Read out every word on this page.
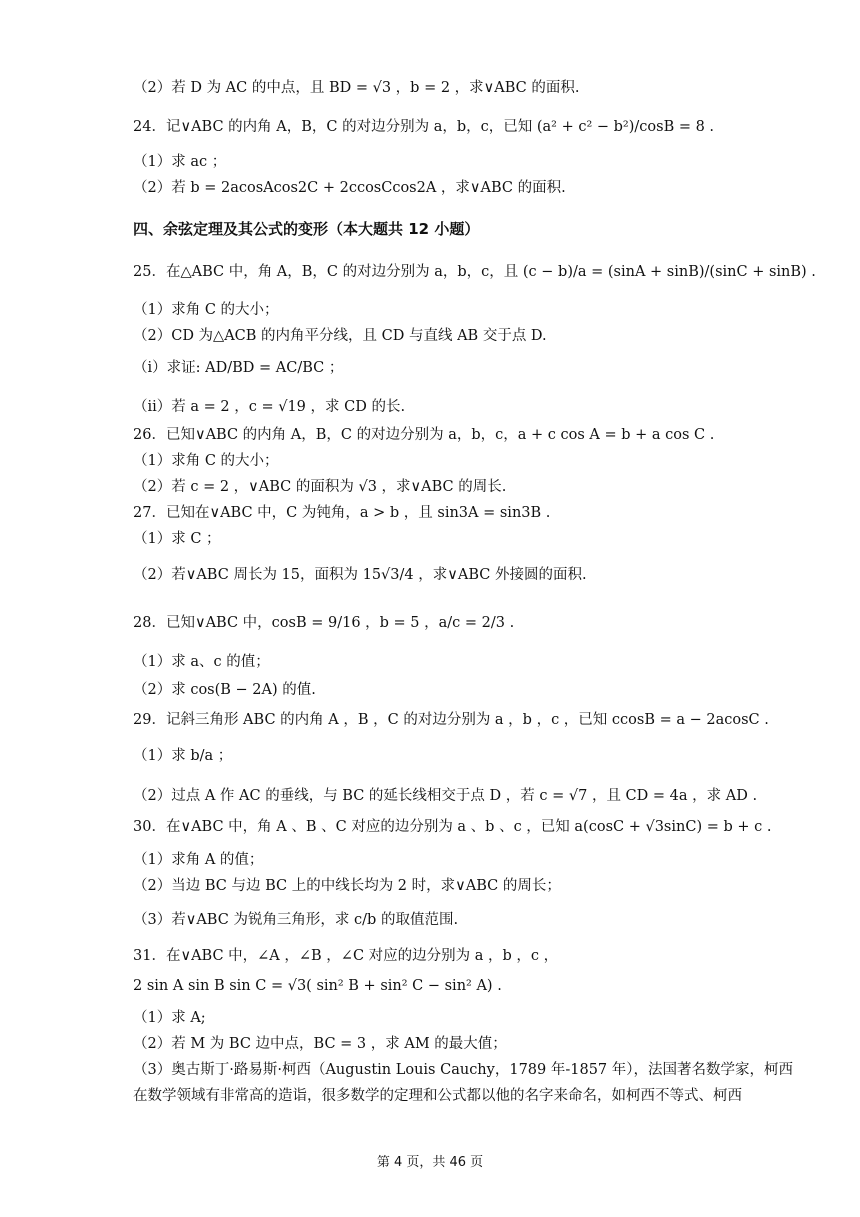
（2）若 D 为 AC 的中点，且 BD = √3 ，b = 2 ，求∨ABC 的面积.
24．记∨ABC 的内角 A，B，C 的对边分别为 a，b，c，已知 (a² + c² − b²)/cosB = 8 .
（1）求 ac ；
（2）若 b = 2acosAcos2C + 2ccosCcos2A ，求∨ABC 的面积.
四、余弦定理及其公式的变形（本大题共 12 小题）
25．在△ABC 中，角 A，B，C 的对边分别为 a，b，c，且 (c − b)/a = (sinA + sinB)/(sinC + sinB) .
（1）求角 C 的大小；
（2）CD 为△ACB 的内角平分线，且 CD 与直线 AB 交于点 D.
（i）求证: AD/BD = AC/BC ；
（ii）若 a = 2 ，c = √19 ，求 CD 的长.
26．已知∨ABC 的内角 A，B，C 的对边分别为 a，b，c，a + c cos A = b + a cos C .
（1）求角 C 的大小；
（2）若 c = 2 ，∨ABC 的面积为 √3 ，求∨ABC 的周长.
27．已知在∨ABC 中，C 为钝角，a > b ，且 sin3A = sin3B .
（1）求 C ；
（2）若∨ABC 周长为 15，面积为 15√3/4 ，求∨ABC 外接圆的面积.
28．已知∨ABC 中，cosB = 9/16 ，b = 5 ，a/c = 2/3 .
（1）求 a、c 的值；
（2）求 cos(B − 2A) 的值.
29．记斜三角形 ABC 的内角 A ，B ，C 的对边分别为 a ，b ，c ，已知 ccosB = a − 2acosC .
（1）求 b/a ；
（2）过点 A 作 AC 的垂线，与 BC 的延长线相交于点 D ，若 c = √7 ，且 CD = 4a ，求 AD .
30．在∨ABC 中，角 A 、B 、C 对应的边分别为 a 、b 、c ，已知 a(cosC + √3sinC) = b + c .
（1）求角 A 的值；
（2）当边 BC 与边 BC 上的中线长均为 2 时，求∨ABC 的周长；
（3）若∨ABC 为锐角三角形，求 c/b 的取值范围.
31．在∨ABC 中，∠A ，∠B ，∠C 对应的边分别为 a ，b ，c ，
2 sin A sin B sin C = √3( sin² B + sin² C − sin² A) .
（1）求 A;
（2）若 M 为 BC 边中点，BC = 3 ，求 AM 的最大值；
（3）奥古斯丁·路易斯·柯西（Augustin Louis Cauchy，1789 年-1857 年），法国著名数学家，柯西
在数学领域有非常高的造诣，很多数学的定理和公式都以他的名字来命名，如柯西不等式、柯西
第 4 页，共 46 页
